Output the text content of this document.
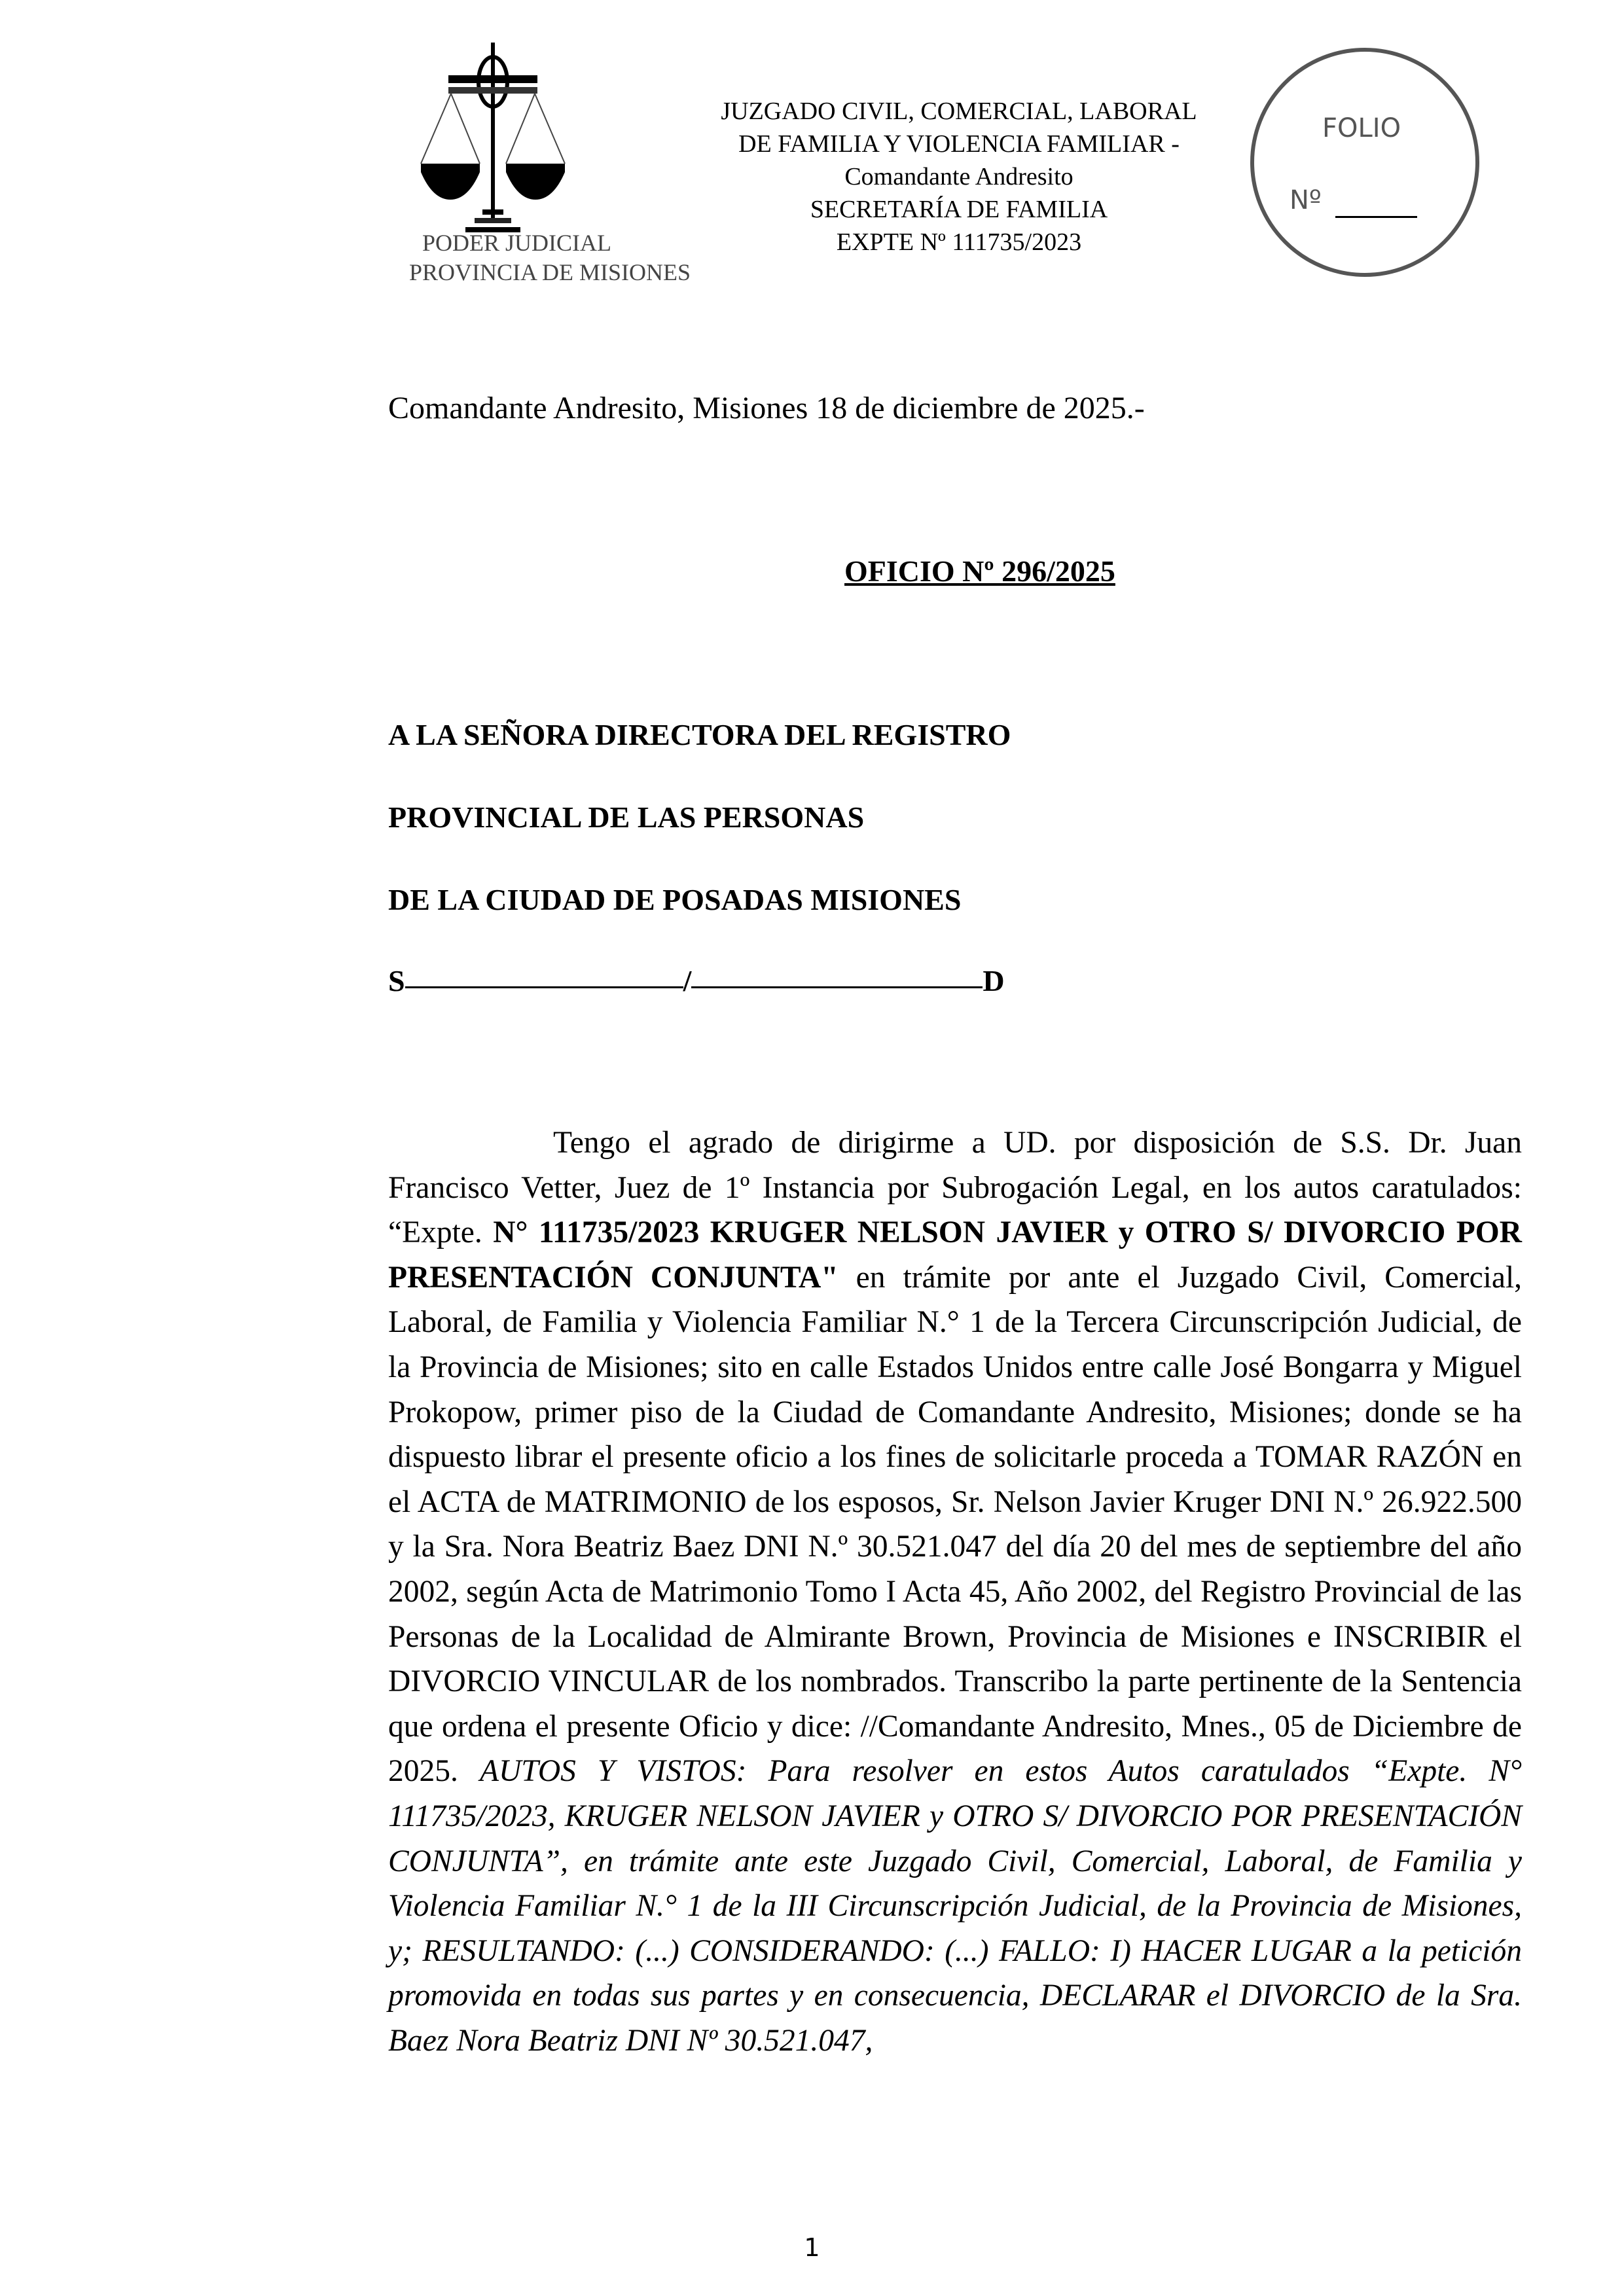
PODER JUDICIAL
PROVINCIA DE MISIONES
JUZGADO CIVIL, COMERCIAL, LABORAL
DE FAMILIA Y VIOLENCIA FAMILIAR -
Comandante Andresito
SECRETARÍA DE FAMILIA
EXPTE Nº 111735/2023
FOLIO
Nº
Comandante Andresito, Misiones 18 de diciembre de 2025.-
OFICIO Nº 296/2025
A LA SEÑORA DIRECTORA DEL REGISTRO
PROVINCIAL DE LAS PERSONAS
DE LA CIUDAD DE POSADAS MISIONES
S	/	D
Tengo el agrado de dirigirme a UD. por disposición de S.S. Dr. Juan Francisco Vetter, Juez de 1º Instancia por Subrogación Legal, en los autos caratulados: “Expte. N° 111735/2023 KRUGER NELSON JAVIER y OTRO S/ DIVORCIO POR PRESENTACIÓN CONJUNTA" en trámite por ante el Juzgado Civil, Comercial, Laboral, de Familia y Violencia Familiar N.° 1 de la Tercera Circunscripción Judicial, de la Provincia de Misiones; sito en calle Estados Unidos entre calle José Bongarra y Miguel Prokopow, primer piso de la Ciudad de Comandante Andresito, Misiones; donde se ha dispuesto librar el presente oficio a los fines de solicitarle proceda a TOMAR RAZÓN en el ACTA de MATRIMONIO de los esposos, Sr. Nelson Javier Kruger DNI N.º 26.922.500 y la Sra. Nora Beatriz Baez DNI N.º 30.521.047 del día 20 del mes de septiembre del año 2002, según Acta de Matrimonio Tomo I Acta 45, Año 2002, del Registro Provincial de las Personas de la Localidad de Almirante Brown, Provincia de Misiones e INSCRIBIR el DIVORCIO VINCULAR de los nombrados. Transcribo la parte pertinente de la Sentencia que ordena el presente Oficio y dice: //Comandante Andresito, Mnes., 05 de Diciembre de 2025. AUTOS Y VISTOS: Para resolver en estos Autos caratulados “Expte. N° 111735/2023, KRUGER NELSON JAVIER y OTRO S/ DIVORCIO POR PRESENTACIÓN CONJUNTA”, en trámite ante este Juzgado Civil, Comercial, Laboral, de Familia y Violencia Familiar N.° 1 de la III Circunscripción Judicial, de la Provincia de Misiones, y; RESULTANDO: (...) CONSIDERANDO: (...) FALLO: I) HACER LUGAR a la petición promovida en todas sus partes y en consecuencia, DECLARAR el DIVORCIO de la Sra. Baez Nora Beatriz DNI Nº 30.521.047,
1
